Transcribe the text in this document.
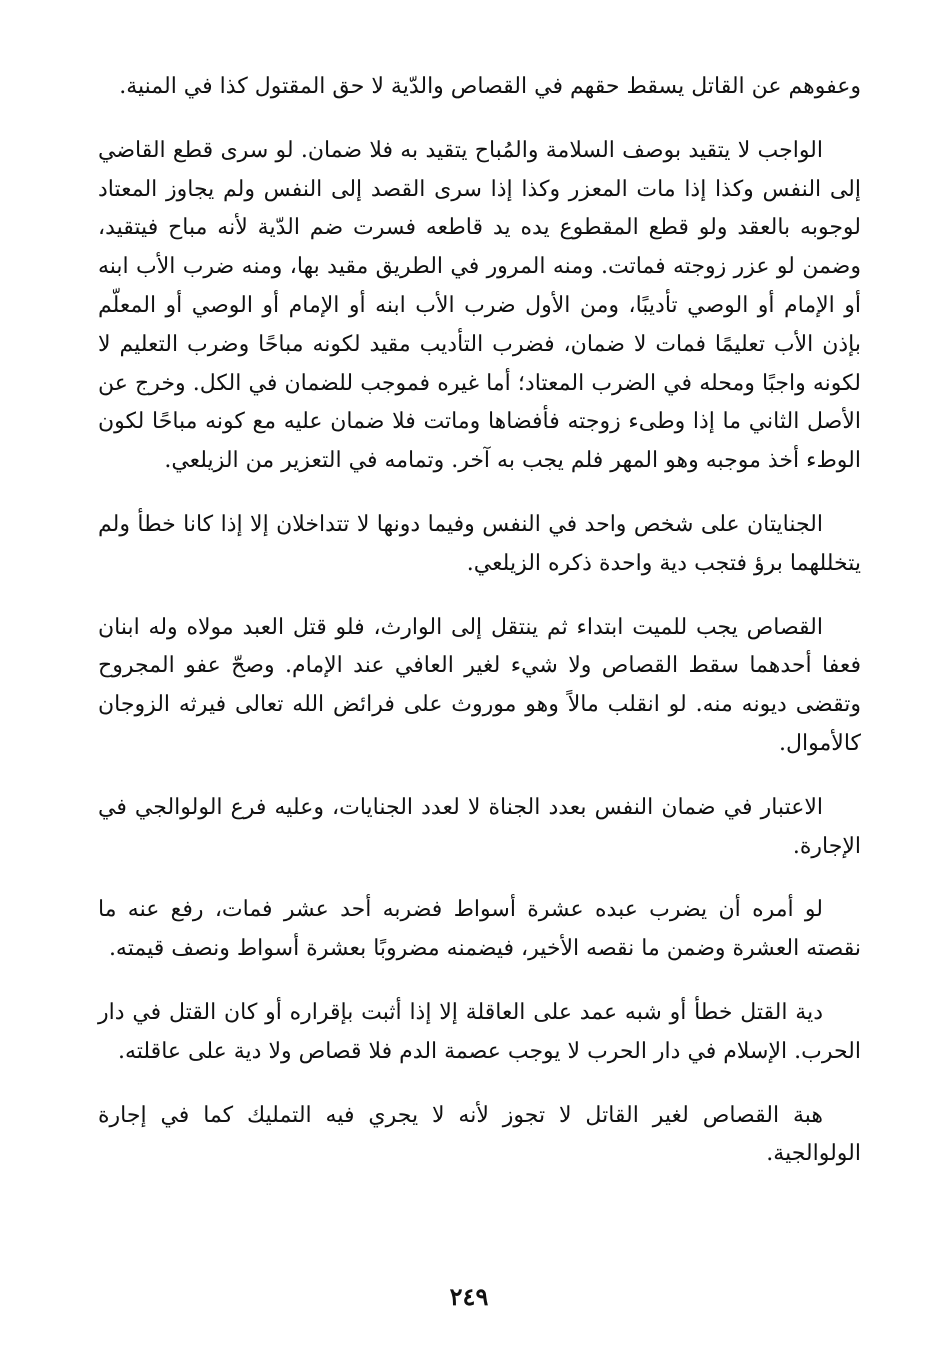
وعفوهم عن القاتل يسقط حقهم في القصاص والدّية لا حق المقتول كذا في المنية.

الواجب لا يتقيد بوصف السلامة والمُباح يتقيد به فلا ضمان. لو سرى قطع القاضي إلى النفس وكذا إذا مات المعزر وكذا إذا سرى القصد إلى النفس ولم يجاوز المعتاد لوجوبه بالعقد ولو قطع المقطوع يده يد قاطعه فسرت ضم الدّية لأنه مباح فيتقيد، وضمن لو عزر زوجته فماتت. ومنه المرور في الطريق مقيد بها، ومنه ضرب الأب ابنه أو الإمام أو الوصي تأديبًا، ومن الأول ضرب الأب ابنه أو الإمام أو الوصي أو المعلّم بإذن الأب تعليمًا فمات لا ضمان، فضرب التأديب مقيد لكونه مباحًا وضرب التعليم لا لكونه واجبًا ومحله في الضرب المعتاد؛ أما غيره فموجب للضمان في الكل. وخرج عن الأصل الثاني ما إذا وطىء زوجته فأفضاها وماتت فلا ضمان عليه مع كونه مباحًا لكون الوطء أخذ موجبه وهو المهر فلم يجب به آخر. وتمامه في التعزير من الزيلعي.

الجنايتان على شخص واحد في النفس وفيما دونها لا تتداخلان إلا إذا كانا خطأ ولم يتخللهما برؤ فتجب دية واحدة ذكره الزيلعي.

القصاص يجب للميت ابتداء ثم ينتقل إلى الوارث، فلو قتل العبد مولاه وله ابنان فعفا أحدهما سقط القصاص ولا شيء لغير العافي عند الإمام. وصحّ عفو المجروح وتقضى ديونه منه. لو انقلب مالاً وهو موروث على فرائض الله تعالى فيرثه الزوجان كالأموال.

الاعتبار في ضمان النفس بعدد الجناة لا لعدد الجنايات، وعليه فرع الولوالجي في الإجارة.

لو أمره أن يضرب عبده عشرة أسواط فضربه أحد عشر فمات، رفع عنه ما نقصته العشرة وضمن ما نقصه الأخير، فيضمنه مضروبًا بعشرة أسواط ونصف قيمته.

دية القتل خطأ أو شبه عمد على العاقلة إلا إذا أثبت بإقراره أو كان القتل في دار الحرب. الإسلام في دار الحرب لا يوجب عصمة الدم فلا قصاص ولا دية على عاقلته.

هبة القصاص لغير القاتل لا تجوز لأنه لا يجري فيه التمليك كما في إجارة الولوالجية.

٢٤٩
